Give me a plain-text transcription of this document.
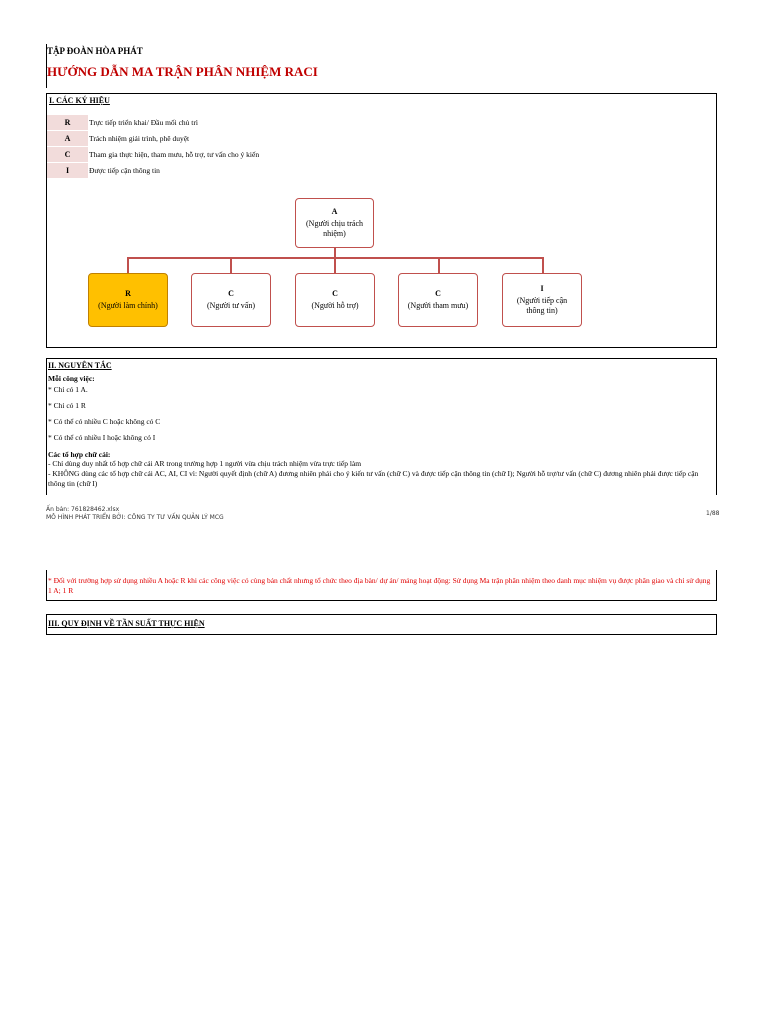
TẬP ĐOÀN HÒA PHÁT
HƯỚNG DẪN MA TRẬN PHÂN NHIỆM RACI
I. CÁC KÝ HIỆU
R	Trực tiếp triển khai/ Đầu mối chủ trì
A	Trách nhiệm giải trình, phê duyệt
C	Tham gia thực hiện, tham mưu, hỗ trợ, tư vấn cho ý kiến
I	Được tiếp cận thông tin
A
(Người chịu trách nhiệm)
R
(Người làm chính)
C
(Người tư vấn)
C
(Người hỗ trợ)
C
(Người tham mưu)
I
(Người tiếp cận thông tin)
II. NGUYÊN TẮC
Mỗi công việc:
* Chỉ có 1 A.
* Chỉ có 1 R
* Có thể có nhiều C hoặc không có C
* Có thể có nhiều I hoặc không có I
Các tổ hợp chữ cái:
- Chỉ dùng duy nhất tổ hợp chữ cái AR trong trường hợp 1 người vừa chịu trách nhiệm vừa trực tiếp làm
- KHÔNG dùng các tổ hợp chữ cái AC, AI, CI vì: Người quyết định (chữ A) đương nhiên phải cho ý kiến tư vấn (chữ C) và được tiếp cận thông tin (chữ I); Người hỗ trợ/tư vấn (chữ C) đương nhiên phải được tiếp cận thông tin (chữ I)
Ấn bản: 761828462.xlsx
MÔ HÌNH PHÁT TRIỂN BỞI: CÔNG TY TƯ VẤN QUẢN LÝ MCG
1/88
* Đối với trường hợp sử dụng nhiều A hoặc R khi các công việc có cùng bản chất nhưng tổ chức theo địa bàn/ dự án/ mảng hoạt động: Sử dụng Ma trận phân nhiệm theo danh mục nhiệm vụ được phân giao và chỉ sử dụng 1 A; 1 R
III. QUY ĐỊNH VỀ TẦN SUẤT THỰC HIỆN
